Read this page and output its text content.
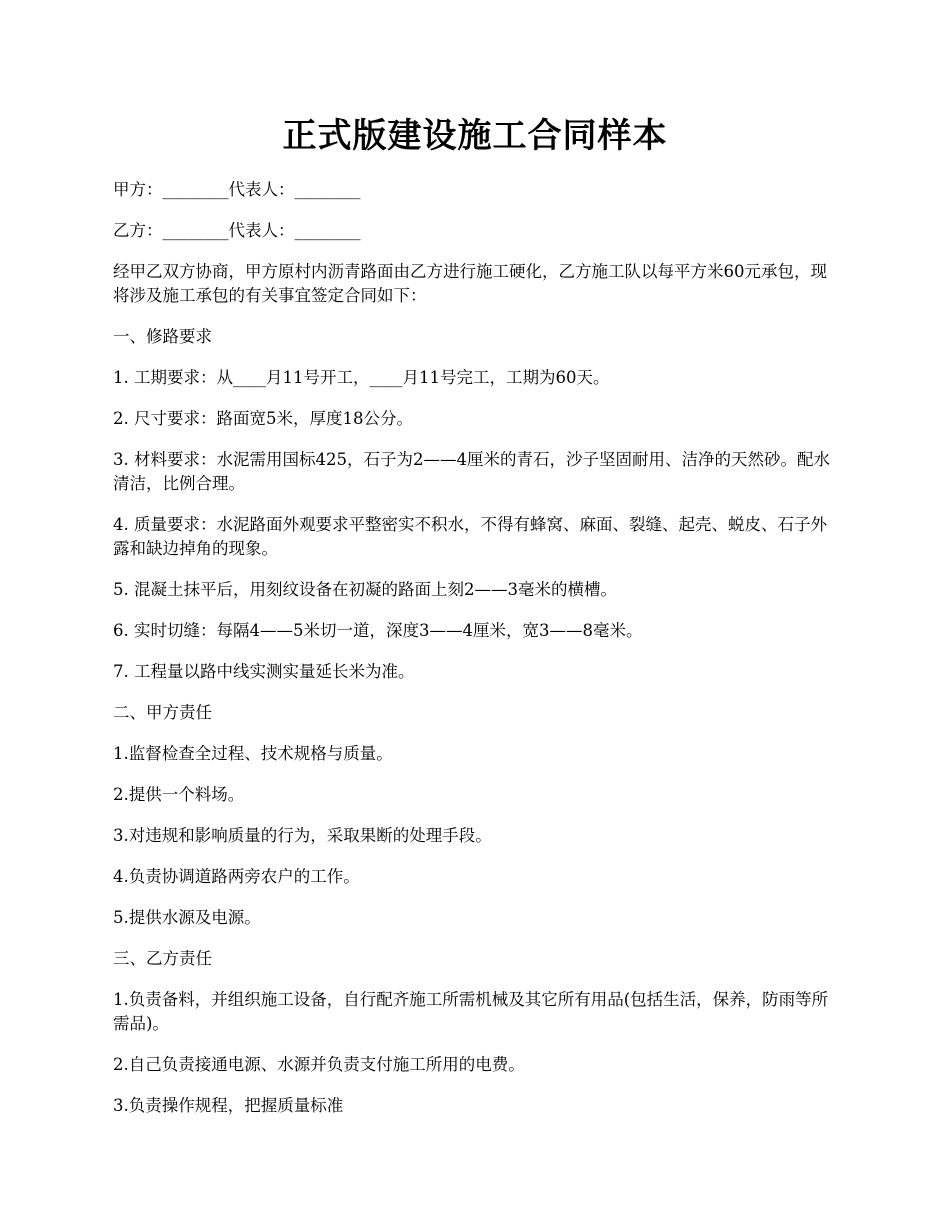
正式版建设施工合同样本

甲方：________代表人：________

乙方：________代表人：________

经甲乙双方协商，甲方原村内沥青路面由乙方进行施工硬化，乙方施工队以每平方米60元承包，现将涉及施工承包的有关事宜签定合同如下：

一、修路要求

1. 工期要求：从____月11号开工，____月11号完工，工期为60天。

2. 尺寸要求：路面宽5米，厚度18公分。

3. 材料要求：水泥需用国标425，石子为2——4厘米的青石，沙子坚固耐用、洁净的天然砂。配水清洁，比例合理。

4. 质量要求：水泥路面外观要求平整密实不积水，不得有蜂窝、麻面、裂缝、起壳、蜕皮、石子外露和缺边掉角的现象。

5. 混凝土抹平后，用刻纹设备在初凝的路面上刻2——3毫米的横槽。

6. 实时切缝：每隔4——5米切一道，深度3——4厘米，宽3——8毫米。

7. 工程量以路中线实测实量延长米为准。

二、甲方责任

1.监督检查全过程、技术规格与质量。

2.提供一个料场。

3.对违规和影响质量的行为，采取果断的处理手段。

4.负责协调道路两旁农户的工作。

5.提供水源及电源。

三、乙方责任

1.负责备料，并组织施工设备，自行配齐施工所需机械及其它所有用品(包括生活，保养，防雨等所需品)。

2.自己负责接通电源、水源并负责支付施工所用的电费。

3.负责操作规程，把握质量标准
